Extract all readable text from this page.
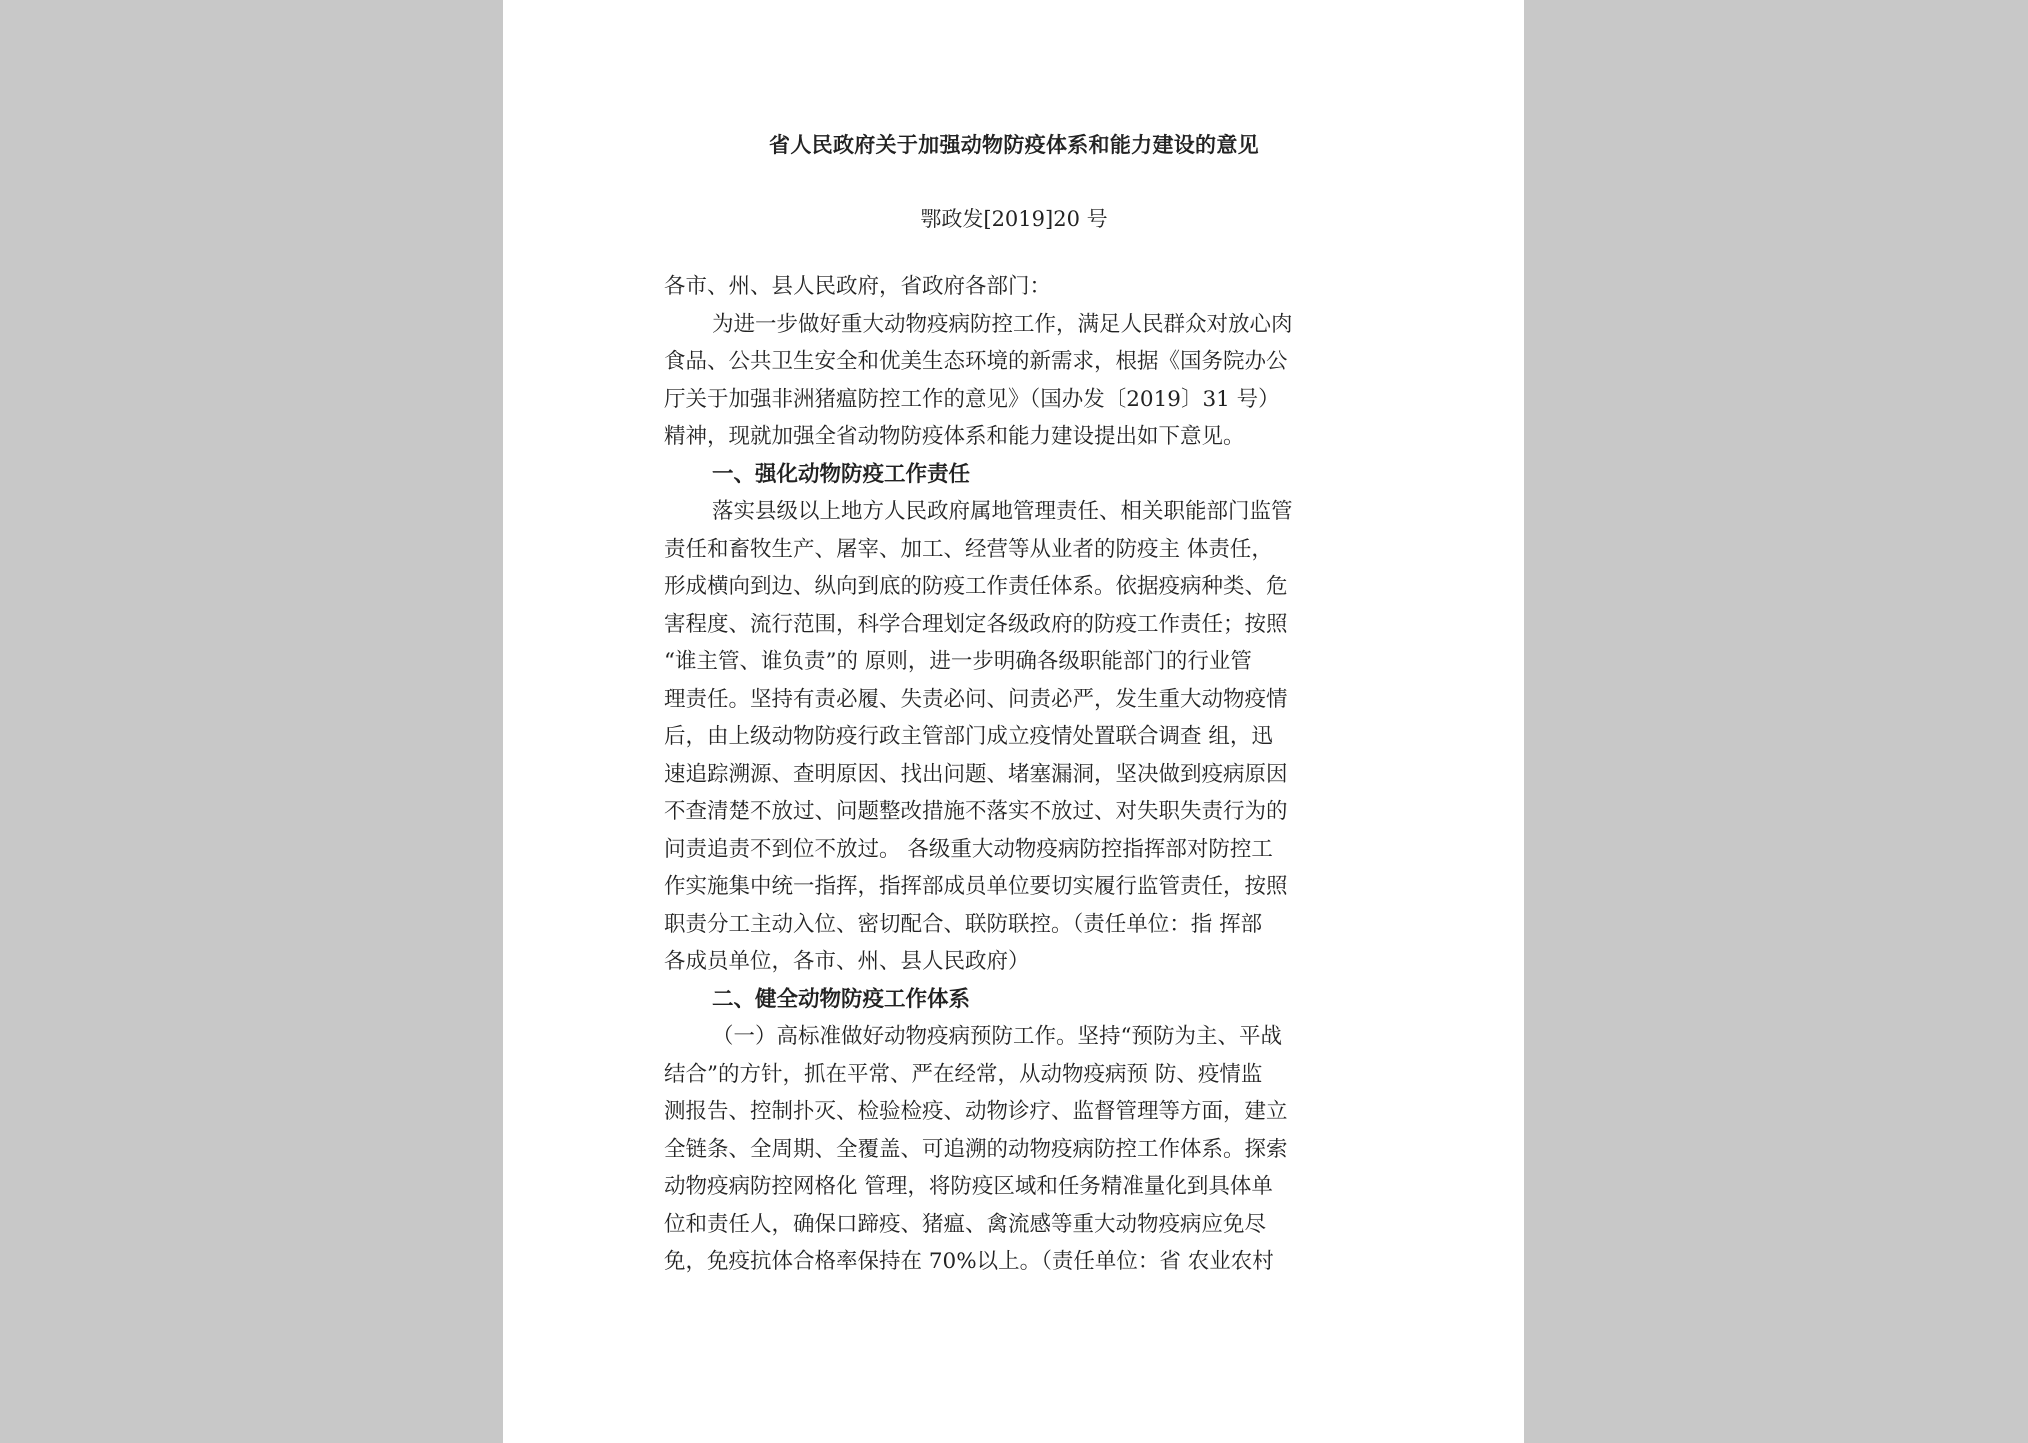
省人民政府关于加强动物防疫体系和能力建设的意见
鄂政发[2019]20 号
各市、州、县人民政府，省政府各部门：
为进一步做好重大动物疫病防控工作，满足人民群众对放心肉
食品、公共卫生安全和优美生态环境的新需求，根据《国务院办公
厅关于加强非洲猪瘟防控工作的意见》（国办发〔2019〕31 号）
精神，现就加强全省动物防疫体系和能力建设提出如下意见。
一、强化动物防疫工作责任
落实县级以上地方人民政府属地管理责任、相关职能部门监管
责任和畜牧生产、屠宰、加工、经营等从业者的防疫主 体责任，
形成横向到边、纵向到底的防疫工作责任体系。依据疫病种类、危
害程度、流行范围，科学合理划定各级政府的防疫工作责任；按照
“谁主管、谁负责”的 原则，进一步明确各级职能部门的行业管
理责任。坚持有责必履、失责必问、问责必严，发生重大动物疫情
后，由上级动物防疫行政主管部门成立疫情处置联合调查 组，迅
速追踪溯源、查明原因、找出问题、堵塞漏洞，坚决做到疫病原因
不查清楚不放过、问题整改措施不落实不放过、对失职失责行为的
问责追责不到位不放过。 各级重大动物疫病防控指挥部对防控工
作实施集中统一指挥，指挥部成员单位要切实履行监管责任，按照
职责分工主动入位、密切配合、联防联控。（责任单位：指 挥部
各成员单位，各市、州、县人民政府）
二、健全动物防疫工作体系
（一）高标准做好动物疫病预防工作。坚持“预防为主、平战
结合”的方针，抓在平常、严在经常，从动物疫病预 防、疫情监
测报告、控制扑灭、检验检疫、动物诊疗、监督管理等方面，建立
全链条、全周期、全覆盖、可追溯的动物疫病防控工作体系。探索
动物疫病防控网格化 管理，将防疫区域和任务精准量化到具体单
位和责任人，确保口蹄疫、猪瘟、禽流感等重大动物疫病应免尽
免，免疫抗体合格率保持在 70%以上。（责任单位：省 农业农村
